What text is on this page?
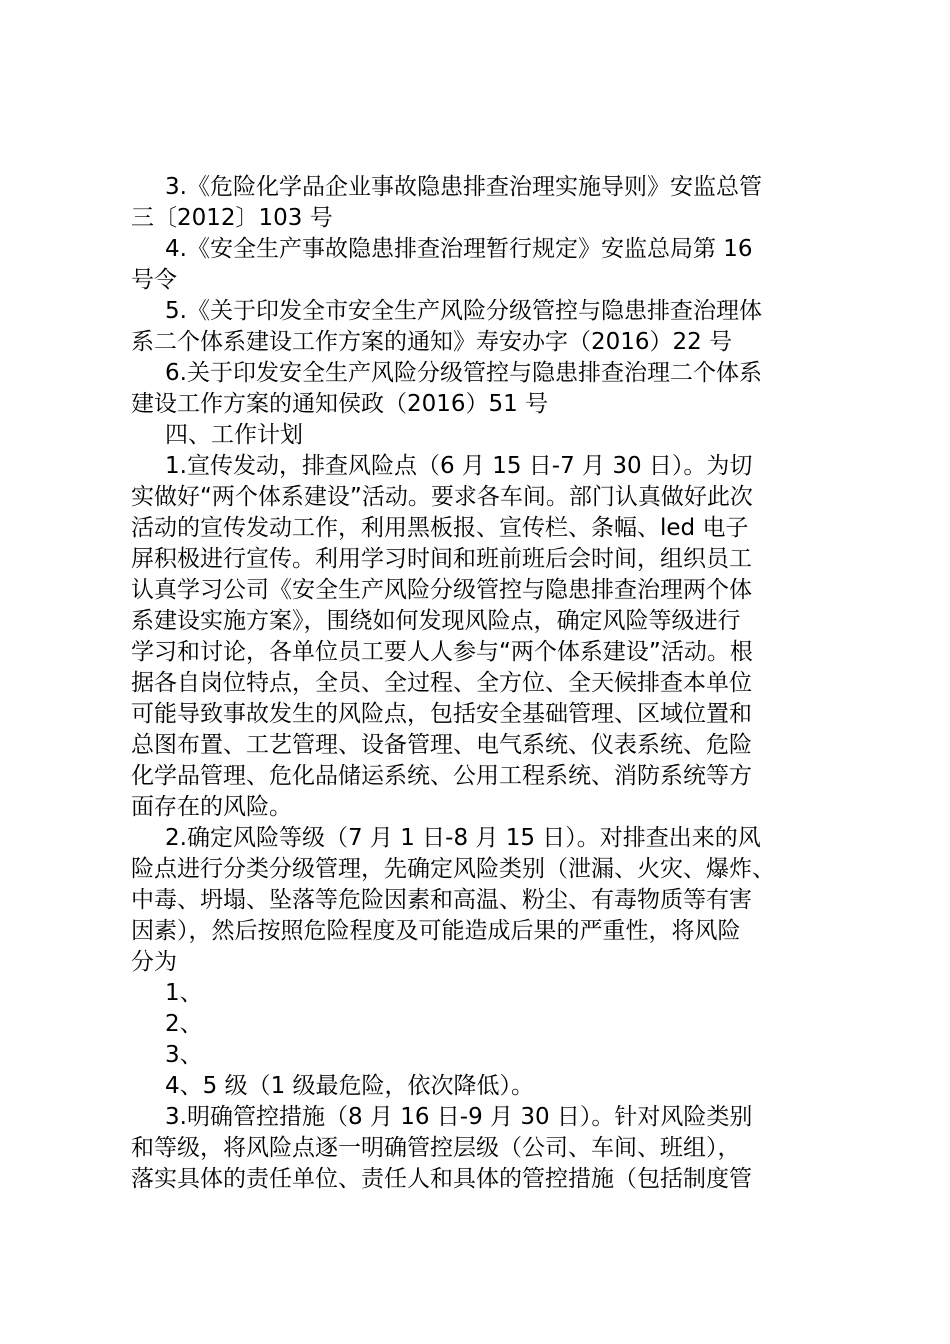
3.《危险化学品企业事故隐患排查治理实施导则》安监总管

三〔2012〕103 号

4.《安全生产事故隐患排查治理暂行规定》安监总局第 16

号令

5.《关于印发全市安全生产风险分级管控与隐患排查治理体

系二个体系建设工作方案的通知》寿安办字（2016）22 号

6.关于印发安全生产风险分级管控与隐患排查治理二个体系

建设工作方案的通知侯政（2016）51 号

四、工作计划

1.宣传发动，排查风险点（6 月 15 日-7 月 30 日）。为切

实做好“两个体系建设”活动。要求各车间。部门认真做好此次

活动的宣传发动工作，利用黑板报、宣传栏、条幅、led 电子

屏积极进行宣传。利用学习时间和班前班后会时间，组织员工

认真学习公司《安全生产风险分级管控与隐患排查治理两个体

系建设实施方案》，围绕如何发现风险点，确定风险等级进行

学习和讨论，各单位员工要人人参与“两个体系建设”活动。根

据各自岗位特点，全员、全过程、全方位、全天候排查本单位

可能导致事故发生的风险点，包括安全基础管理、区域位置和

总图布置、工艺管理、设备管理、电气系统、仪表系统、危险

化学品管理、危化品储运系统、公用工程系统、消防系统等方

面存在的风险。

2.确定风险等级（7 月 1 日-8 月 15 日）。对排查出来的风

险点进行分类分级管理，先确定风险类别（泄漏、火灾、爆炸、

中毒、坍塌、坠落等危险因素和高温、粉尘、有毒物质等有害

因素），然后按照危险程度及可能造成后果的严重性，将风险

分为

1、

2、

3、

4、5 级（1 级最危险，依次降低）。

3.明确管控措施（8 月 16 日-9 月 30 日）。针对风险类别

和等级，将风险点逐一明确管控层级（公司、车间、班组），

落实具体的责任单位、责任人和具体的管控措施（包括制度管
